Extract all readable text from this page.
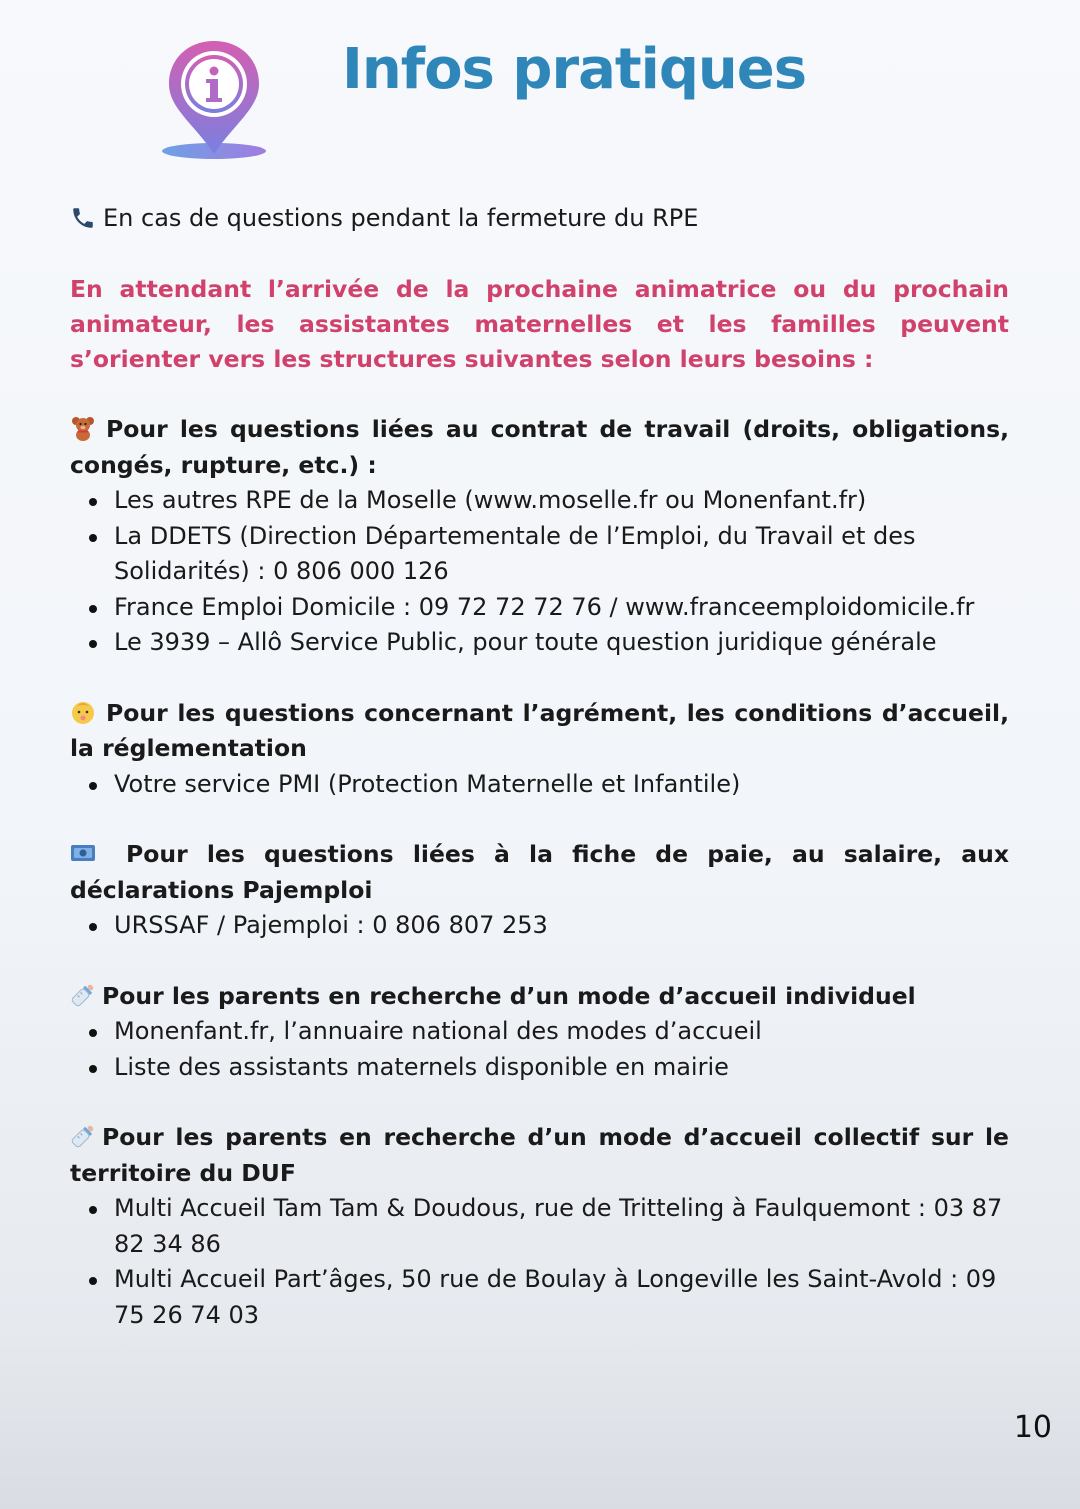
Infos pratiques

En cas de questions pendant la fermeture du RPE

En attendant l’arrivée de la prochaine animatrice ou du prochain animateur, les assistantes maternelles et les familles peuvent s’orienter vers les structures suivantes selon leurs besoins :

Pour les questions liées au contrat de travail (droits, obligations, congés, rupture, etc.) :

Les autres RPE de la Moselle (www.moselle.fr ou Monenfant.fr)
La DDETS (Direction Départementale de l’Emploi, du Travail et des Solidarités) : 0 806 000 126
France Emploi Domicile : 09 72 72 72 76 / www.franceemploidomicile.fr
Le 3939 – Allô Service Public, pour toute question juridique générale

Pour les questions concernant l’agrément, les conditions d’accueil, la réglementation

Votre service PMI (Protection Maternelle et Infantile)

Pour les questions liées à la fiche de paie, au salaire, aux déclarations Pajemploi

URSSAF / Pajemploi : 0 806 807 253

Pour les parents en recherche d’un mode d’accueil individuel

Monenfant.fr, l’annuaire national des modes d’accueil
Liste des assistants maternels disponible en mairie

Pour les parents en recherche d’un mode d’accueil collectif sur le territoire du DUF

Multi Accueil Tam Tam & Doudous, rue de Tritteling à Faulquemont : 03 87 82 34 86
Multi Accueil Part’âges, 50 rue de Boulay à Longeville les Saint-Avold : 09 75 26 74 03
10
